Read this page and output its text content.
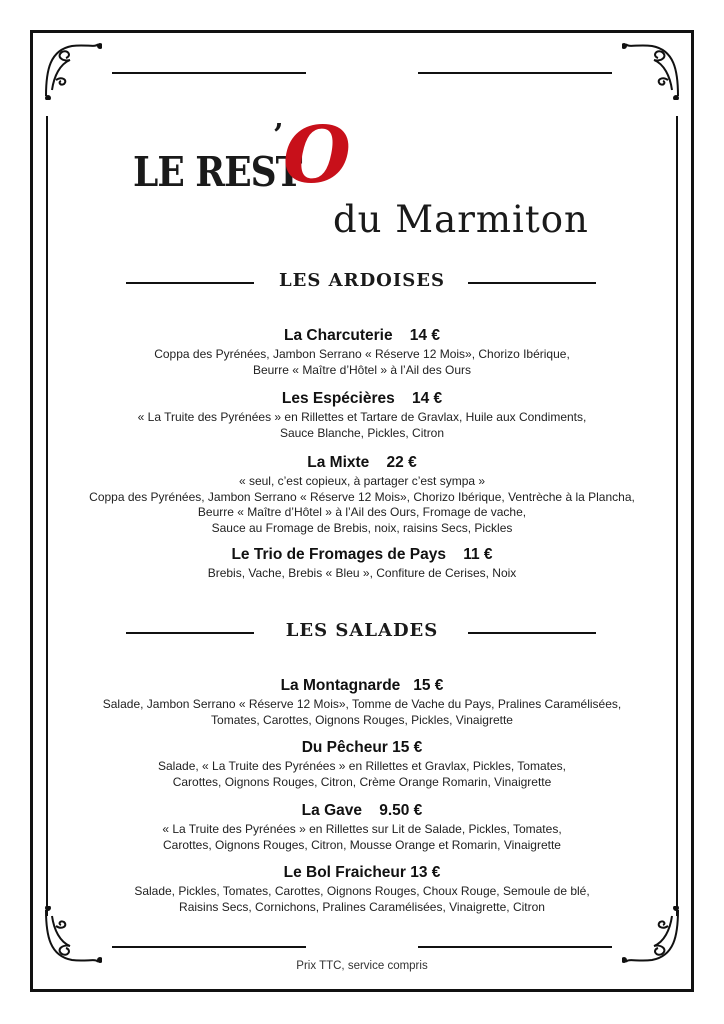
LE REST
’ O
du Marmiton
LES ARDOISES
La Charcuterie    14 €
Coppa des Pyrénées, Jambon Serrano « Réserve 12 Mois», Chorizo Ibérique,
Beurre « Maître d’Hôtel » à l’Ail des Ours
Les Espécières    14 €
« La Truite des Pyrénées » en Rillettes et Tartare de Gravlax, Huile aux Condiments,
Sauce Blanche, Pickles, Citron
La Mixte    22 €
« seul, c’est copieux, à partager c’est sympa »
Coppa des Pyrénées, Jambon Serrano « Réserve 12 Mois», Chorizo Ibérique, Ventrèche à la Plancha,
Beurre « Maître d’Hôtel » à l’Ail des Ours, Fromage de vache,
Sauce au Fromage de Brebis, noix, raisins Secs, Pickles
Le Trio de Fromages de Pays    11 €
Brebis, Vache, Brebis « Bleu », Confiture de Cerises, Noix
LES SALADES
La Montagnarde   15 €
Salade, Jambon Serrano « Réserve 12 Mois», Tomme de Vache du Pays, Pralines Caramélisées,
Tomates, Carottes, Oignons Rouges, Pickles, Vinaigrette
Du Pêcheur 15 €
Salade, « La Truite des Pyrénées » en Rillettes et Gravlax, Pickles, Tomates,
Carottes, Oignons Rouges, Citron, Crème Orange Romarin, Vinaigrette
La Gave    9.50 €
« La Truite des Pyrénées » en Rillettes sur Lit de Salade, Pickles, Tomates,
Carottes, Oignons Rouges, Citron, Mousse Orange et Romarin, Vinaigrette
Le Bol Fraicheur 13 €
Salade, Pickles, Tomates, Carottes, Oignons Rouges, Choux Rouge, Semoule de blé,
Raisins Secs, Cornichons, Pralines Caramélisées, Vinaigrette, Citron
Prix TTC, service compris
